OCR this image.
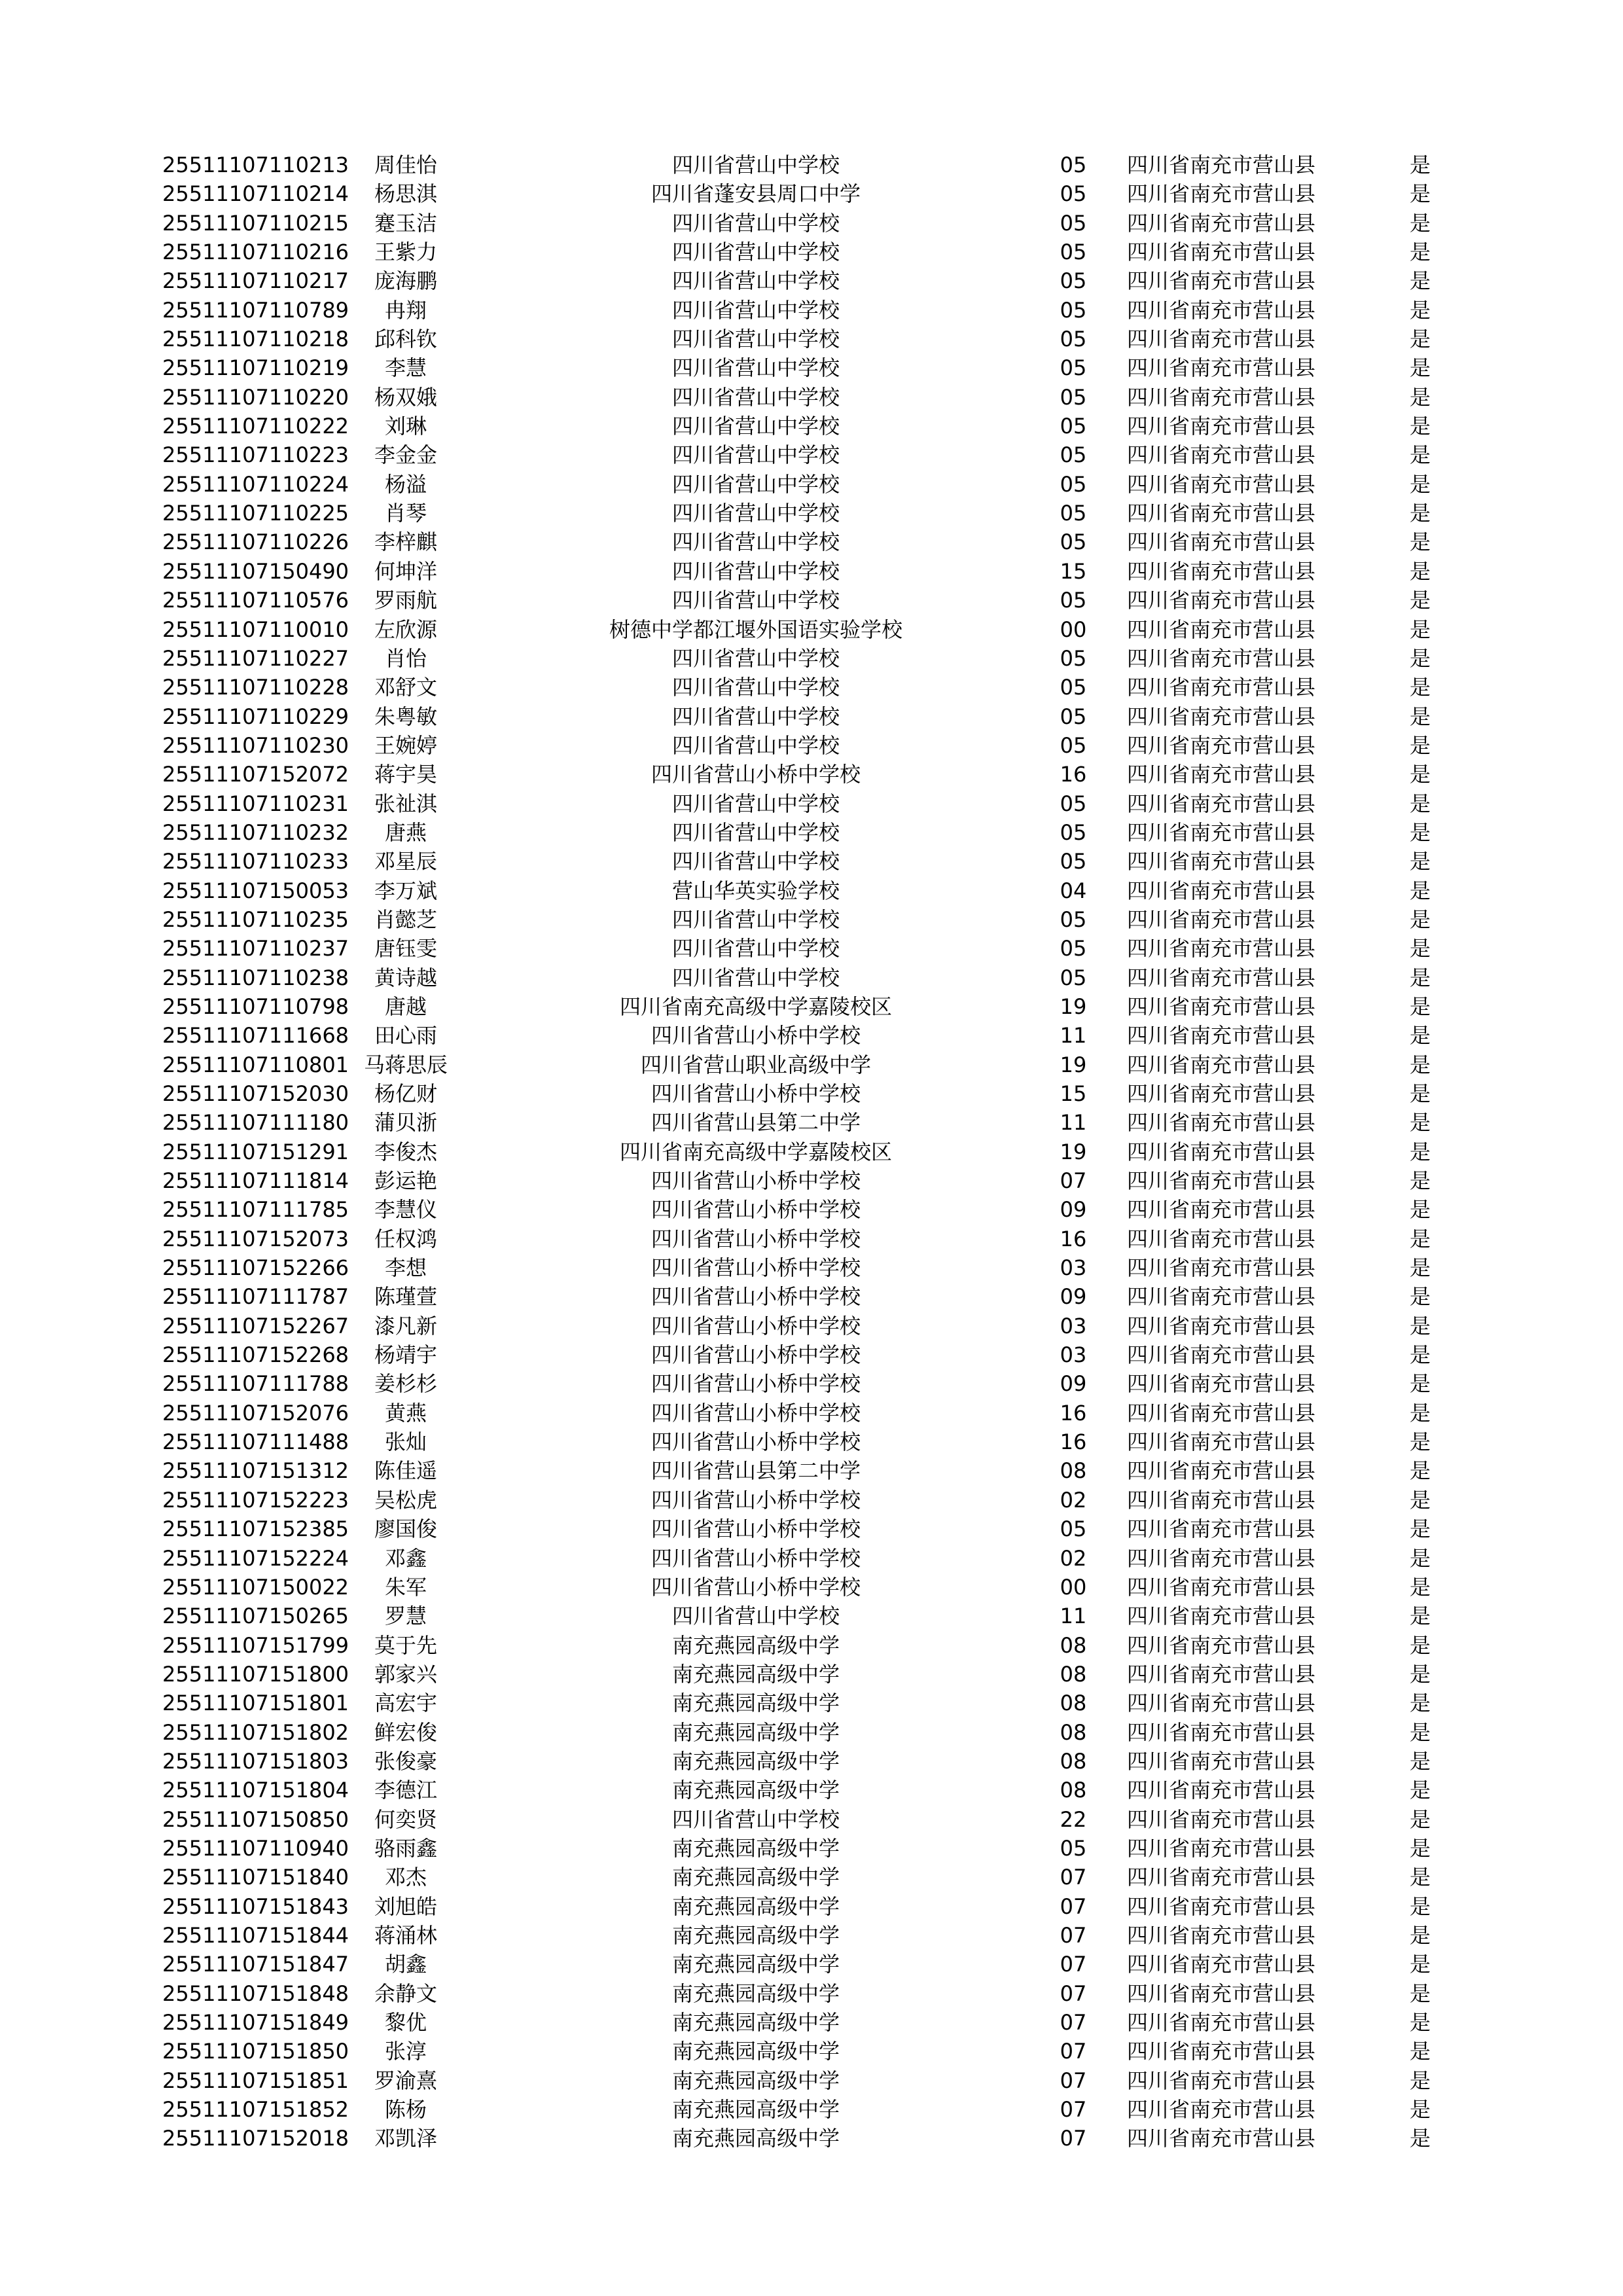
25511107110213	周佳怡	四川省营山中学校	05	四川省南充市营山县	是
25511107110214	杨思淇	四川省蓬安县周口中学	05	四川省南充市营山县	是
25511107110215	蹇玉洁	四川省营山中学校	05	四川省南充市营山县	是
25511107110216	王紫力	四川省营山中学校	05	四川省南充市营山县	是
25511107110217	庞海鹏	四川省营山中学校	05	四川省南充市营山县	是
25511107110789	冉翔	四川省营山中学校	05	四川省南充市营山县	是
25511107110218	邱科钦	四川省营山中学校	05	四川省南充市营山县	是
25511107110219	李慧	四川省营山中学校	05	四川省南充市营山县	是
25511107110220	杨双娥	四川省营山中学校	05	四川省南充市营山县	是
25511107110222	刘琳	四川省营山中学校	05	四川省南充市营山县	是
25511107110223	李金金	四川省营山中学校	05	四川省南充市营山县	是
25511107110224	杨溢	四川省营山中学校	05	四川省南充市营山县	是
25511107110225	肖琴	四川省营山中学校	05	四川省南充市营山县	是
25511107110226	李梓麒	四川省营山中学校	05	四川省南充市营山县	是
25511107150490	何坤洋	四川省营山中学校	15	四川省南充市营山县	是
25511107110576	罗雨航	四川省营山中学校	05	四川省南充市营山县	是
25511107110010	左欣源	树德中学都江堰外国语实验学校	00	四川省南充市营山县	是
25511107110227	肖怡	四川省营山中学校	05	四川省南充市营山县	是
25511107110228	邓舒文	四川省营山中学校	05	四川省南充市营山县	是
25511107110229	朱粤敏	四川省营山中学校	05	四川省南充市营山县	是
25511107110230	王婉婷	四川省营山中学校	05	四川省南充市营山县	是
25511107152072	蒋宇昊	四川省营山小桥中学校	16	四川省南充市营山县	是
25511107110231	张祉淇	四川省营山中学校	05	四川省南充市营山县	是
25511107110232	唐燕	四川省营山中学校	05	四川省南充市营山县	是
25511107110233	邓星辰	四川省营山中学校	05	四川省南充市营山县	是
25511107150053	李万斌	营山华英实验学校	04	四川省南充市营山县	是
25511107110235	肖懿芝	四川省营山中学校	05	四川省南充市营山县	是
25511107110237	唐钰雯	四川省营山中学校	05	四川省南充市营山县	是
25511107110238	黄诗越	四川省营山中学校	05	四川省南充市营山县	是
25511107110798	唐越	四川省南充高级中学嘉陵校区	19	四川省南充市营山县	是
25511107111668	田心雨	四川省营山小桥中学校	11	四川省南充市营山县	是
25511107110801 马蒋思辰	四川省营山职业高级中学	19	四川省南充市营山县	是
25511107152030	杨亿财	四川省营山小桥中学校	15	四川省南充市营山县	是
25511107111180	蒲贝浙	四川省营山县第二中学	11	四川省南充市营山县	是
25511107151291	李俊杰	四川省南充高级中学嘉陵校区	19	四川省南充市营山县	是
25511107111814	彭运艳	四川省营山小桥中学校	07	四川省南充市营山县	是
25511107111785	李慧仪	四川省营山小桥中学校	09	四川省南充市营山县	是
25511107152073	任权鸿	四川省营山小桥中学校	16	四川省南充市营山县	是
25511107152266	李想	四川省营山小桥中学校	03	四川省南充市营山县	是
25511107111787	陈瑾萱	四川省营山小桥中学校	09	四川省南充市营山县	是
25511107152267	漆凡新	四川省营山小桥中学校	03	四川省南充市营山县	是
25511107152268	杨靖宇	四川省营山小桥中学校	03	四川省南充市营山县	是
25511107111788	姜杉杉	四川省营山小桥中学校	09	四川省南充市营山县	是
25511107152076	黄燕	四川省营山小桥中学校	16	四川省南充市营山县	是
25511107111488	张灿	四川省营山小桥中学校	16	四川省南充市营山县	是
25511107151312	陈佳遥	四川省营山县第二中学	08	四川省南充市营山县	是
25511107152223	吴松虎	四川省营山小桥中学校	02	四川省南充市营山县	是
25511107152385	廖国俊	四川省营山小桥中学校	05	四川省南充市营山县	是
25511107152224	邓鑫	四川省营山小桥中学校	02	四川省南充市营山县	是
25511107150022	朱军	四川省营山小桥中学校	00	四川省南充市营山县	是
25511107150265	罗慧	四川省营山中学校	11	四川省南充市营山县	是
25511107151799	莫于先	南充燕园高级中学	08	四川省南充市营山县	是
25511107151800	郭家兴	南充燕园高级中学	08	四川省南充市营山县	是
25511107151801	高宏宇	南充燕园高级中学	08	四川省南充市营山县	是
25511107151802	鲜宏俊	南充燕园高级中学	08	四川省南充市营山县	是
25511107151803	张俊豪	南充燕园高级中学	08	四川省南充市营山县	是
25511107151804	李德江	南充燕园高级中学	08	四川省南充市营山县	是
25511107150850	何奕贤	四川省营山中学校	22	四川省南充市营山县	是
25511107110940	骆雨鑫	南充燕园高级中学	05	四川省南充市营山县	是
25511107151840	邓杰	南充燕园高级中学	07	四川省南充市营山县	是
25511107151843	刘旭皓	南充燕园高级中学	07	四川省南充市营山县	是
25511107151844	蒋涌林	南充燕园高级中学	07	四川省南充市营山县	是
25511107151847	胡鑫	南充燕园高级中学	07	四川省南充市营山县	是
25511107151848	余静文	南充燕园高级中学	07	四川省南充市营山县	是
25511107151849	黎优	南充燕园高级中学	07	四川省南充市营山县	是
25511107151850	张淳	南充燕园高级中学	07	四川省南充市营山县	是
25511107151851	罗渝熹	南充燕园高级中学	07	四川省南充市营山县	是
25511107151852	陈杨	南充燕园高级中学	07	四川省南充市营山县	是
25511107152018	邓凯泽	南充燕园高级中学	07	四川省南充市营山县	是
